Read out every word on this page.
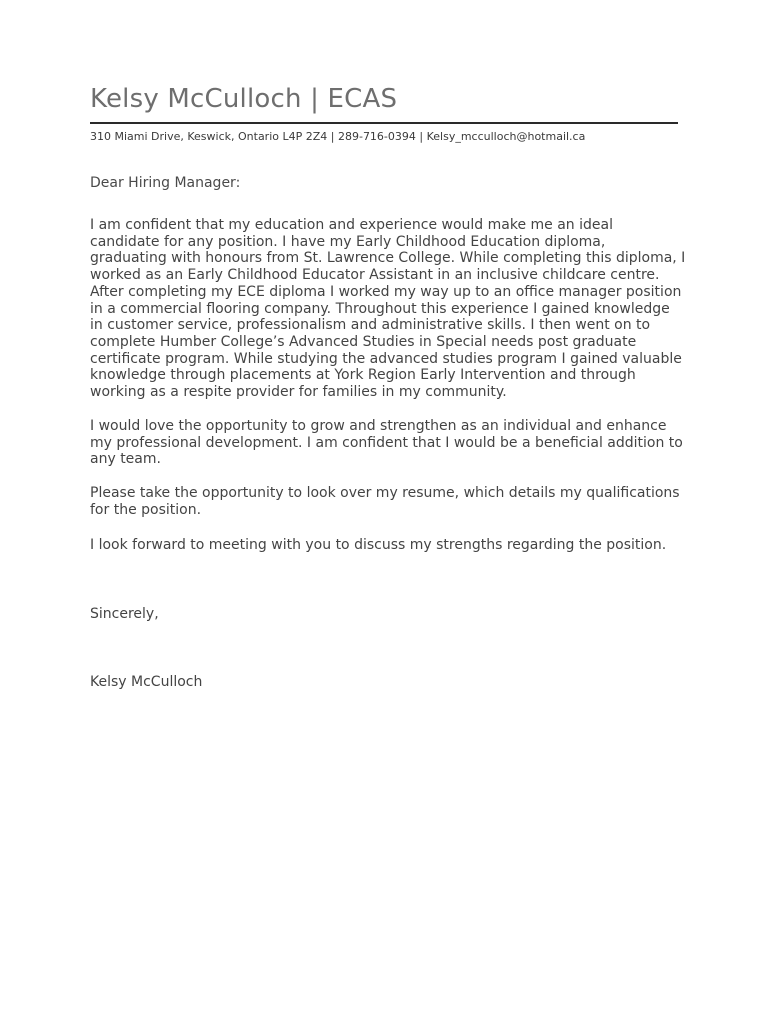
Kelsy McCulloch | ECAS
310 Miami Drive, Keswick, Ontario L4P 2Z4 | 289-716-0394 | Kelsy_mcculloch@hotmail.ca
Dear Hiring Manager:
I am confident that my education and experience would make me an ideal
candidate for any position. I have my Early Childhood Education diploma,
graduating with honours from St. Lawrence College. While completing this diploma, I
worked as an Early Childhood Educator Assistant in an inclusive childcare centre.
After completing my ECE diploma I worked my way up to an office manager position
in a commercial flooring company. Throughout this experience I gained knowledge
in customer service, professionalism and administrative skills. I then went on to
complete Humber College’s Advanced Studies in Special needs post graduate
certificate program. While studying the advanced studies program I gained valuable
knowledge through placements at York Region Early Intervention and through
working as a respite provider for families in my community.
I would love the opportunity to grow and strengthen as an individual and enhance
my professional development. I am confident that I would be a beneficial addition to
any team.
Please take the opportunity to look over my resume, which details my qualifications
for the position.
I look forward to meeting with you to discuss my strengths regarding the position.
Sincerely,
Kelsy McCulloch
